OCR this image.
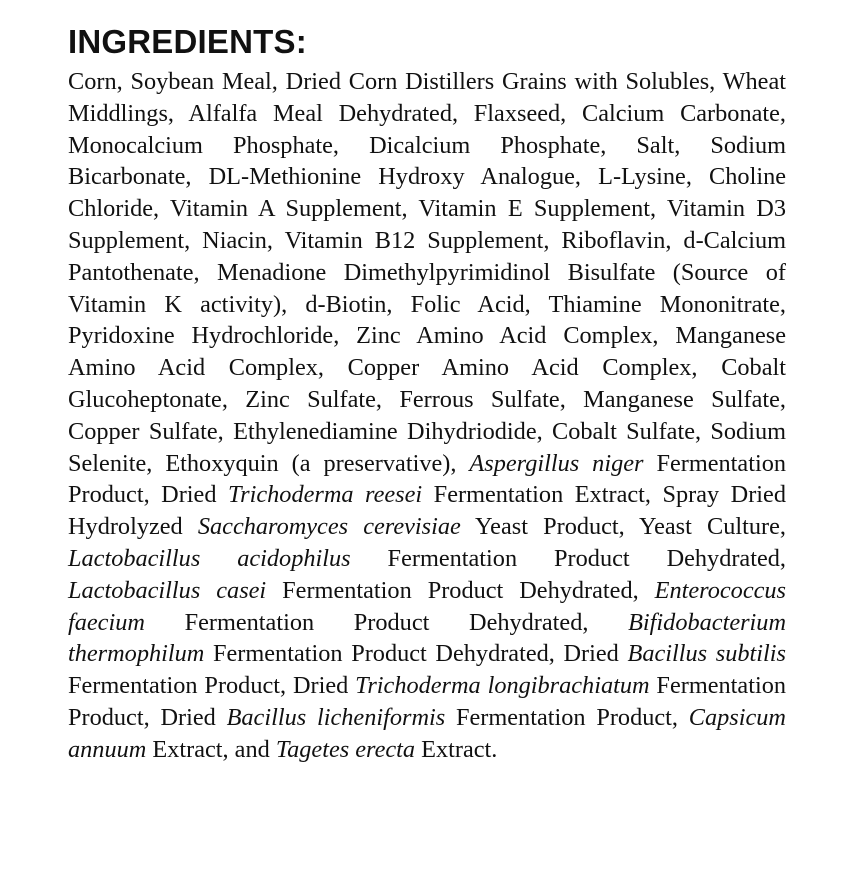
INGREDIENTS:

Corn, Soybean Meal, Dried Corn Distillers Grains with Solubles, Wheat Middlings, Alfalfa Meal Dehydrated, Flaxseed, Calcium Carbonate, Monocalcium Phosphate, Dicalcium Phosphate, Salt, Sodium Bicarbonate, DL-Methionine Hydroxy Analogue, L-Lysine, Choline Chloride, Vitamin A Supplement, Vitamin E Supplement, Vitamin D3 Supplement, Niacin, Vitamin B12 Supplement, Riboflavin, d-Calcium Pantothenate, Menadione Dimethylpyrimidinol Bisulfate (Source of Vitamin K activity), d-Biotin, Folic Acid, Thiamine Mononitrate, Pyridoxine Hydrochloride, Zinc Amino Acid Complex, Manganese Amino Acid Complex, Copper Amino Acid Complex, Cobalt Glucoheptonate, Zinc Sulfate, Ferrous Sulfate, Manganese Sulfate, Copper Sulfate, Ethylenediamine Dihydriodide, Cobalt Sulfate, Sodium Selenite, Ethoxyquin (a preservative), Aspergillus niger Fermentation Product, Dried Trichoderma reesei Fermentation Extract, Spray Dried Hydrolyzed Saccharomyces cerevisiae Yeast Product, Yeast Culture, Lactobacillus acidophilus Fermentation Product Dehydrated, Lactobacillus casei Fermentation Product Dehydrated, Enterococcus faecium Fermentation Product Dehydrated, Bifidobacterium thermophilum Fermentation Product Dehydrated, Dried Bacillus subtilis Fermentation Product, Dried Trichoderma longibrachiatum Fermentation Product, Dried Bacillus licheniformis Fermentation Product, Capsicum annuum Extract, and Tagetes erecta Extract.
